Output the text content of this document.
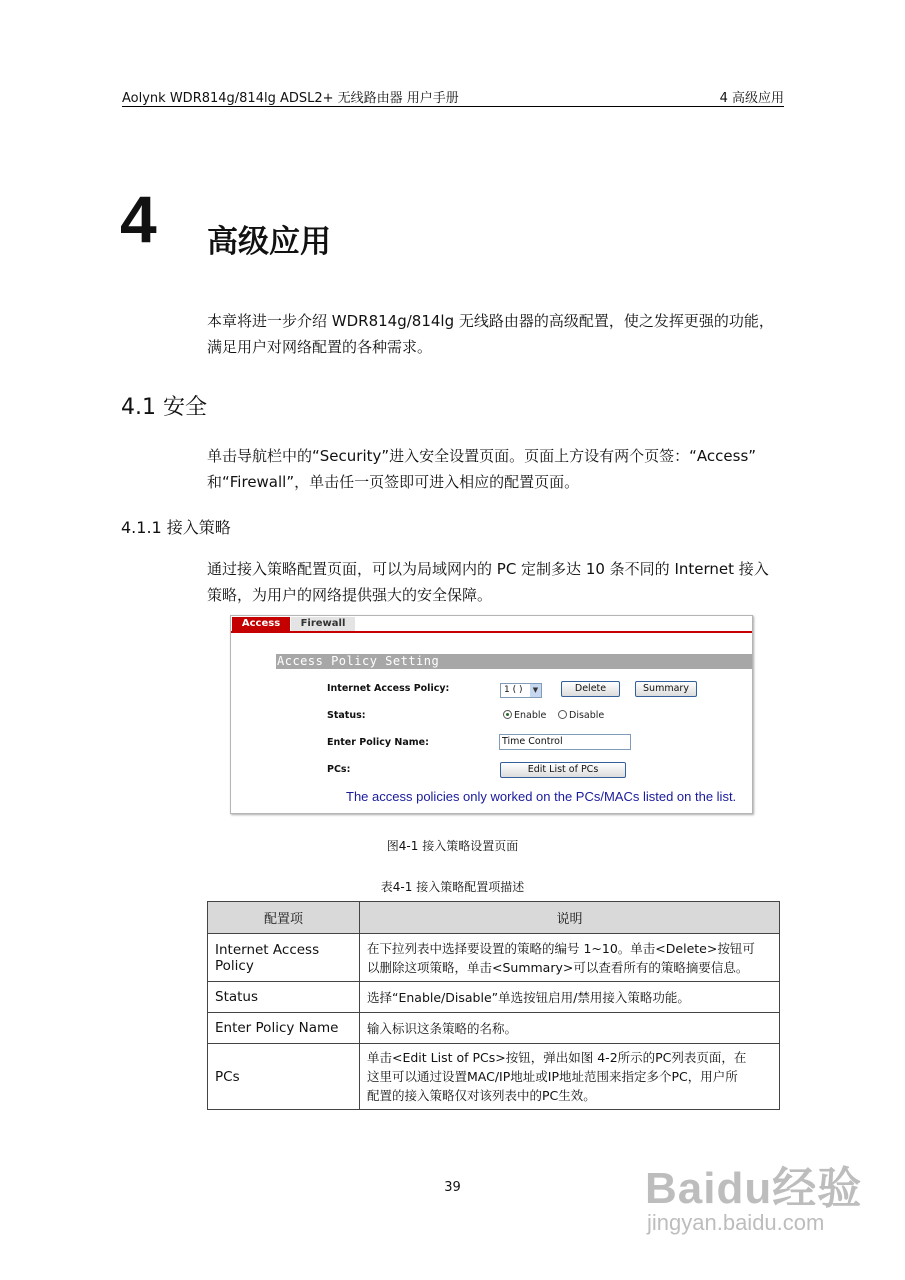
Aolynk WDR814g/814lg ADSL2+ 无线路由器 用户手册	4 高级应用
4 高级应用
本章将进一步介绍 WDR814g/814lg 无线路由器的高级配置，使之发挥更强的功能，
满足用户对网络配置的各种需求。
4.1 安全
单击导航栏中的“Security”进入安全设置页面。页面上方设有两个页签：“Access”
和“Firewall”，单击任一页签即可进入相应的配置页面。
4.1.1 接入策略
通过接入策略配置页面，可以为局域网内的 PC 定制多达 10 条不同的 Internet 接入
策略，为用户的网络提供强大的安全保障。
Access	Firewall
Access Policy Setting
Internet Access Policy:	1 ( )	▼	Delete	Summary
Status:	Enable	Disable
Enter Policy Name:	Time Control
PCs:	Edit List of PCs
The access policies only worked on the PCs/MACs listed on the list.
图4-1 接入策略设置页面
表4-1 接入策略配置项描述
配置项	说明
Internet Access Policy	在下拉列表中选择要设置的策略的编号 1~10。单击<Delete>按钮可
以删除这项策略，单击<Summary>可以查看所有的策略摘要信息。

Status	选择“Enable/Disable”单选按钮启用/禁用接入策略功能。

Enter Policy Name	输入标识这条策略的名称。

PCs	单击<Edit List of PCs>按钮，弹出如图 4-2所示的PC列表页面，在
这里可以通过设置MAC/IP地址或IP地址范围来指定多个PC，用户所
配置的接入策略仅对该列表中的PC生效。
39	Baidu经验
jingyan.baidu.com
